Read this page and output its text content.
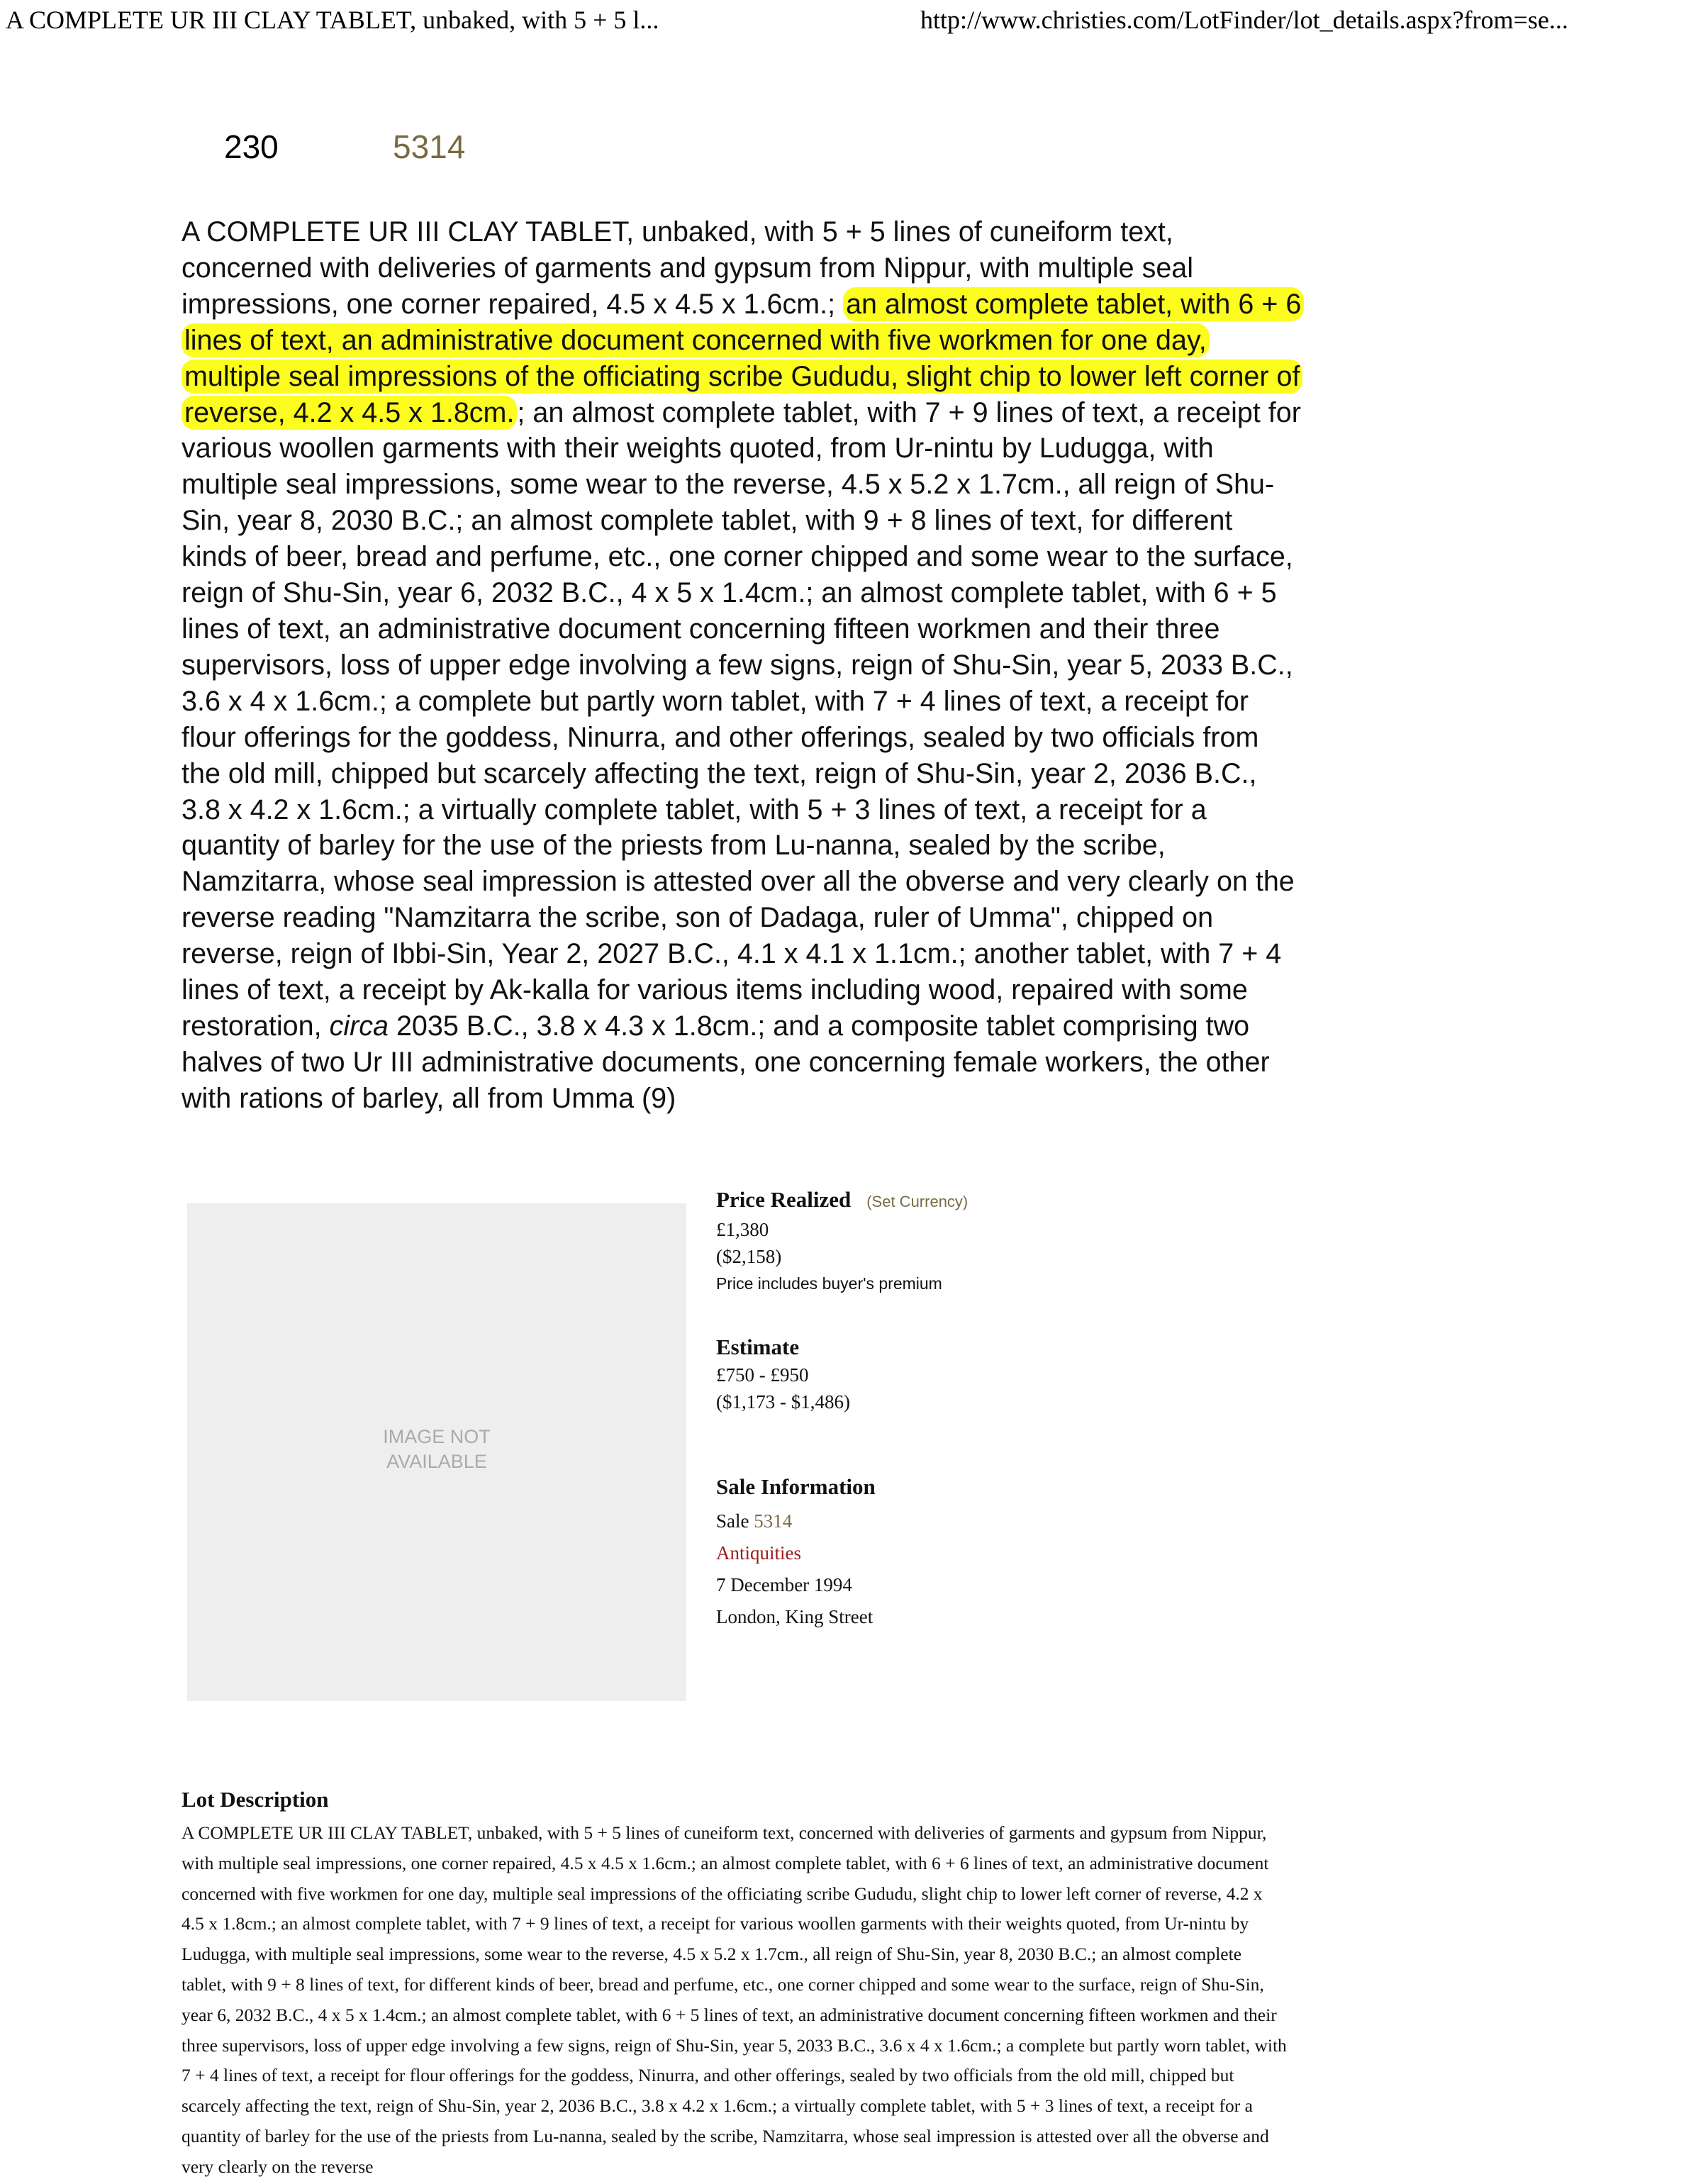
A COMPLETE UR III CLAY TABLET, unbaked, with 5 + 5 l...	http://www.christies.com/LotFinder/lot_details.aspx?from=se...
230	5314
A COMPLETE UR III CLAY TABLET, unbaked, with 5 + 5 lines of cuneiform text, concerned with deliveries of garments and gypsum from Nippur, with multiple seal impressions, one corner repaired, 4.5 x 4.5 x 1.6cm.; an almost complete tablet, with 6 + 6 lines of text, an administrative document concerned with five workmen for one day, multiple seal impressions of the officiating scribe Gududu, slight chip to lower left corner of reverse, 4.2 x 4.5 x 1.8cm. ; an almost complete tablet, with 7 + 9 lines of text, a receipt for various woollen garments with their weights quoted, from Ur-nintu by Ludugga, with multiple seal impressions, some wear to the reverse, 4.5 x 5.2 x 1.7cm., all reign of Shu-Sin, year 8, 2030 B.C.; an almost complete tablet, with 9 + 8 lines of text, for different kinds of beer, bread and perfume, etc., one corner chipped and some wear to the surface, reign of Shu-Sin, year 6, 2032 B.C., 4 x 5 x 1.4cm.; an almost complete tablet, with 6 + 5 lines of text, an administrative document concerning fifteen workmen and their three supervisors, loss of upper edge involving a few signs, reign of Shu-Sin, year 5, 2033 B.C., 3.6 x 4 x 1.6cm.; a complete but partly worn tablet, with 7 + 4 lines of text, a receipt for flour offerings for the goddess, Ninurra, and other offerings, sealed by two officials from the old mill, chipped but scarcely affecting the text, reign of Shu-Sin, year 2, 2036 B.C., 3.8 x 4.2 x 1.6cm.; a virtually complete tablet, with 5 + 3 lines of text, a receipt for a quantity of barley for the use of the priests from Lu-nanna, sealed by the scribe, Namzitarra, whose seal impression is attested over all the obverse and very clearly on the reverse reading "Namzitarra the scribe, son of Dadaga, ruler of Umma", chipped on reverse, reign of Ibbi-Sin, Year 2, 2027 B.C., 4.1 x 4.1 x 1.1cm.; another tablet, with 7 + 4 lines of text, a receipt by Ak-kalla for various items including wood, repaired with some restoration, circa 2035 B.C., 3.8 x 4.3 x 1.8cm.; and a composite tablet comprising two halves of two Ur III administrative documents, one concerning female workers, the other with rations of barley, all from Umma (9)
IMAGE NOT
AVAILABLE
Price Realized (Set Currency)
£1,380
($2,158)
Price includes buyer's premium
Estimate
£750 - £950
($1,173 - $1,486)
Sale Information
Sale 5314
Antiquities
7 December 1994
London, King Street
Lot Description
A COMPLETE UR III CLAY TABLET, unbaked, with 5 + 5 lines of cuneiform text, concerned with deliveries of garments and gypsum from Nippur, with multiple seal impressions, one corner repaired, 4.5 x 4.5 x 1.6cm.; an almost complete tablet, with 6 + 6 lines of text, an administrative document concerned with five workmen for one day, multiple seal impressions of the officiating scribe Gududu, slight chip to lower left corner of reverse, 4.2 x 4.5 x 1.8cm.; an almost complete tablet, with 7 + 9 lines of text, a receipt for various woollen garments with their weights quoted, from Ur-nintu by Ludugga, with multiple seal impressions, some wear to the reverse, 4.5 x 5.2 x 1.7cm., all reign of Shu-Sin, year 8, 2030 B.C.; an almost complete tablet, with 9 + 8 lines of text, for different kinds of beer, bread and perfume, etc., one corner chipped and some wear to the surface, reign of Shu-Sin, year 6, 2032 B.C., 4 x 5 x 1.4cm.; an almost complete tablet, with 6 + 5 lines of text, an administrative document concerning fifteen workmen and their three supervisors, loss of upper edge involving a few signs, reign of Shu-Sin, year 5, 2033 B.C., 3.6 x 4 x 1.6cm.; a complete but partly worn tablet, with 7 + 4 lines of text, a receipt for flour offerings for the goddess, Ninurra, and other offerings, sealed by two officials from the old mill, chipped but scarcely affecting the text, reign of Shu-Sin, year 2, 2036 B.C., 3.8 x 4.2 x 1.6cm.; a virtually complete tablet, with 5 + 3 lines of text, a receipt for a quantity of barley for the use of the priests from Lu-nanna, sealed by the scribe, Namzitarra, whose seal impression is attested over all the obverse and very clearly on the reverse
